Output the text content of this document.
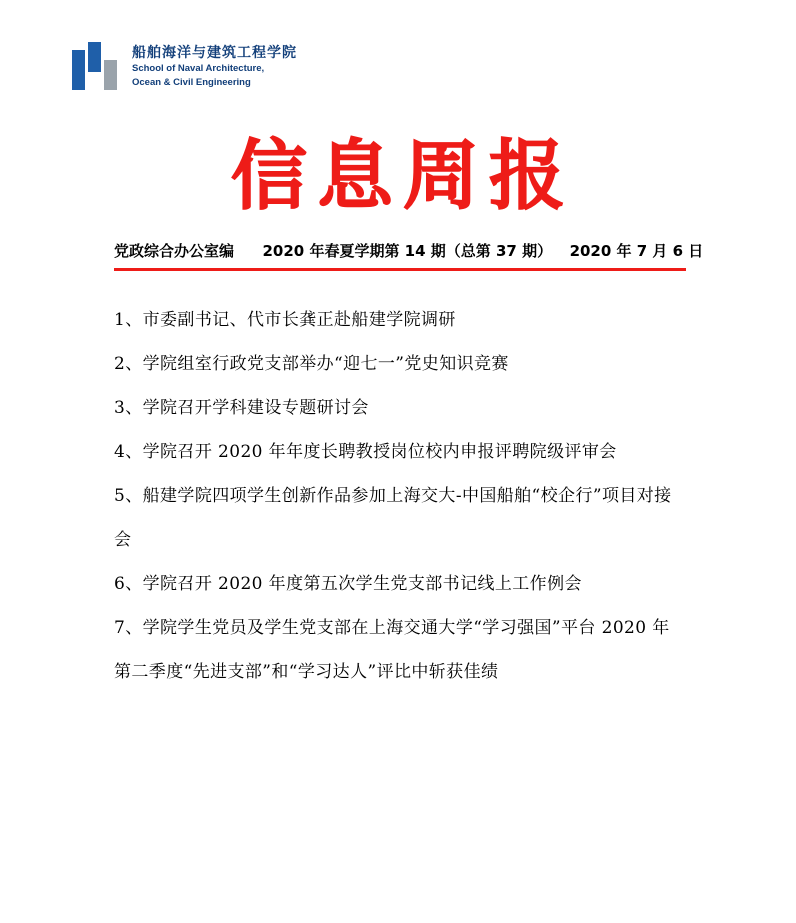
船舶海洋与建筑工程学院
School of Naval Architecture,
Ocean & Civil Engineering
信息周报
党政综合办公室编 2020 年春夏学期第 14 期（总第 37 期） 2020 年 7 月 6 日
1、市委副书记、代市长龚正赴船建学院调研
2、学院组室行政党支部举办“迎七一”党史知识竞赛
3、学院召开学科建设专题研讨会
4、学院召开 2020 年年度长聘教授岗位校内申报评聘院级评审会
5、船建学院四项学生创新作品参加上海交大-中国船舶“校企行”项目对接会
6、学院召开 2020 年度第五次学生党支部书记线上工作例会
7、学院学生党员及学生党支部在上海交通大学“学习强国”平台 2020 年第二季度“先进支部”和“学习达人”评比中斩获佳绩
